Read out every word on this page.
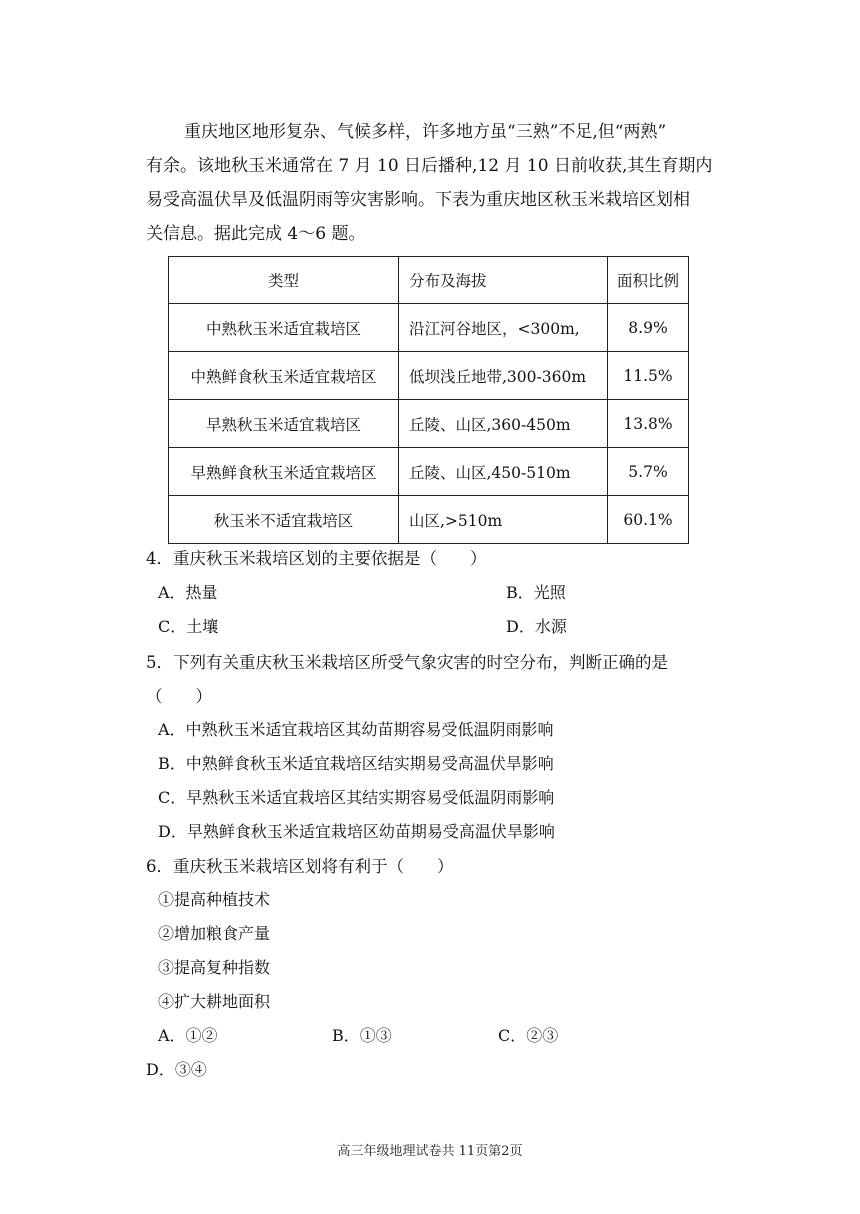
重庆地区地形复杂、气候多样，许多地方虽“三熟”不足,但“两熟”
有余。该地秋玉米通常在 7 月 10 日后播种,12 月 10 日前收获,其生育期内
易受高温伏旱及低温阴雨等灾害影响。下表为重庆地区秋玉米栽培区划相
关信息。据此完成 4～6 题。
类型	分布及海拔	面积比例
中熟秋玉米适宜栽培区	沿江河谷地区，<300m,	8.9%
中熟鲜食秋玉米适宜栽培区	低坝浅丘地带,300-360m	11.5%
早熟秋玉米适宜栽培区	丘陵、山区,360-450m	13.8%
早熟鲜食秋玉米适宜栽培区	丘陵、山区,450-510m	5.7%
秋玉米不适宜栽培区	山区,>510m	60.1%
4．重庆秋玉米栽培区划的主要依据是（　　）
A．热量	B．光照
C．土壤	D．水源
5．下列有关重庆秋玉米栽培区所受气象灾害的时空分布，判断正确的是
（　　）
A．中熟秋玉米适宜栽培区其幼苗期容易受低温阴雨影响
B．中熟鲜食秋玉米适宜栽培区结实期易受高温伏旱影响
C．早熟秋玉米适宜栽培区其结实期容易受低温阴雨影响
D．早熟鲜食秋玉米适宜栽培区幼苗期易受高温伏旱影响
6．重庆秋玉米栽培区划将有利于（　　）
①提高种植技术
②增加粮食产量
③提高复种指数
④扩大耕地面积
A．①②	B．①③	C．②③
D．③④
高三年级地理试卷共 11页第2页
